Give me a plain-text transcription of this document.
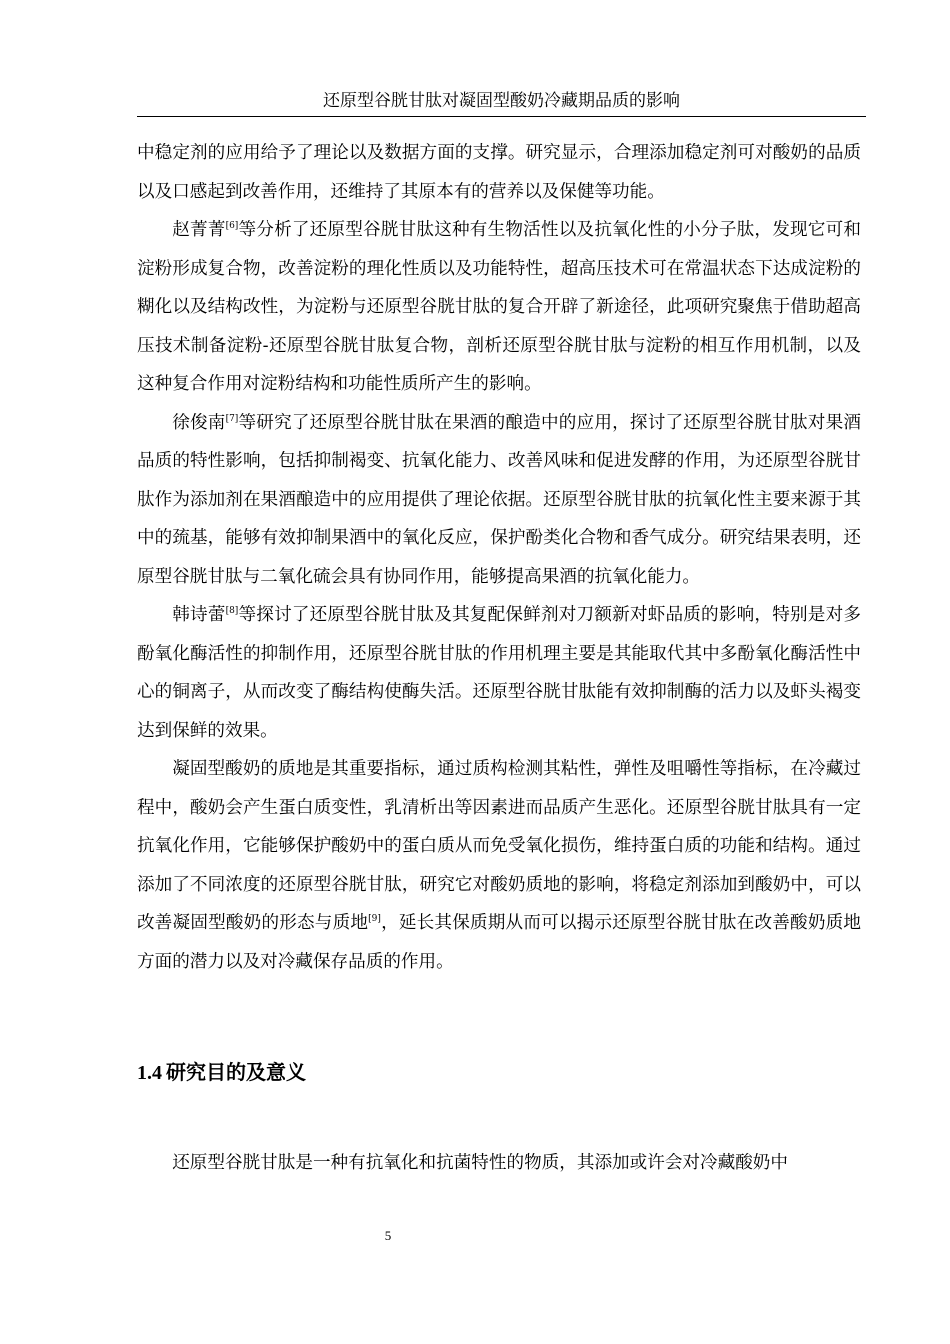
还原型谷胱甘肽对凝固型酸奶冷藏期品质的影响

中稳定剂的应用给予了理论以及数据方面的支撑。研究显示，合理添加稳定剂可对酸奶的品质以及口感起到改善作用，还维持了其原本有的营养以及保健等功能。

赵菁菁[6]等分析了还原型谷胱甘肽这种有生物活性以及抗氧化性的小分子肽，发现它可和淀粉形成复合物，改善淀粉的理化性质以及功能特性，超高压技术可在常温状态下达成淀粉的糊化以及结构改性，为淀粉与还原型谷胱甘肽的复合开辟了新途径，此项研究聚焦于借助超高压技术制备淀粉-还原型谷胱甘肽复合物，剖析还原型谷胱甘肽与淀粉的相互作用机制，以及这种复合作用对淀粉结构和功能性质所产生的影响。

徐俊南[7]等研究了还原型谷胱甘肽在果酒的酿造中的应用，探讨了还原型谷胱甘肽对果酒品质的特性影响，包括抑制褐变、抗氧化能力、改善风味和促进发酵的作用，为还原型谷胱甘肽作为添加剂在果酒酿造中的应用提供了理论依据。还原型谷胱甘肽的抗氧化性主要来源于其中的巯基，能够有效抑制果酒中的氧化反应，保护酚类化合物和香气成分。研究结果表明，还原型谷胱甘肽与二氧化硫会具有协同作用，能够提高果酒的抗氧化能力。

韩诗蕾[8]等探讨了还原型谷胱甘肽及其复配保鲜剂对刀额新对虾品质的影响，特别是对多酚氧化酶活性的抑制作用，还原型谷胱甘肽的作用机理主要是其能取代其中多酚氧化酶活性中心的铜离子，从而改变了酶结构使酶失活。还原型谷胱甘肽能有效抑制酶的活力以及虾头褐变达到保鲜的效果。

凝固型酸奶的质地是其重要指标，通过质构检测其粘性，弹性及咀嚼性等指标，在冷藏过程中，酸奶会产生蛋白质变性，乳清析出等因素进而品质产生恶化。还原型谷胱甘肽具有一定抗氧化作用，它能够保护酸奶中的蛋白质从而免受氧化损伤，维持蛋白质的功能和结构。通过添加了不同浓度的还原型谷胱甘肽，研究它对酸奶质地的影响，将稳定剂添加到酸奶中，可以改善凝固型酸奶的形态与质地[9]，延长其保质期从而可以揭示还原型谷胱甘肽在改善酸奶质地方面的潜力以及对冷藏保存品质的作用。

1.4 研究目的及意义

还原型谷胱甘肽是一种有抗氧化和抗菌特性的物质，其添加或许会对冷藏酸奶中

5
